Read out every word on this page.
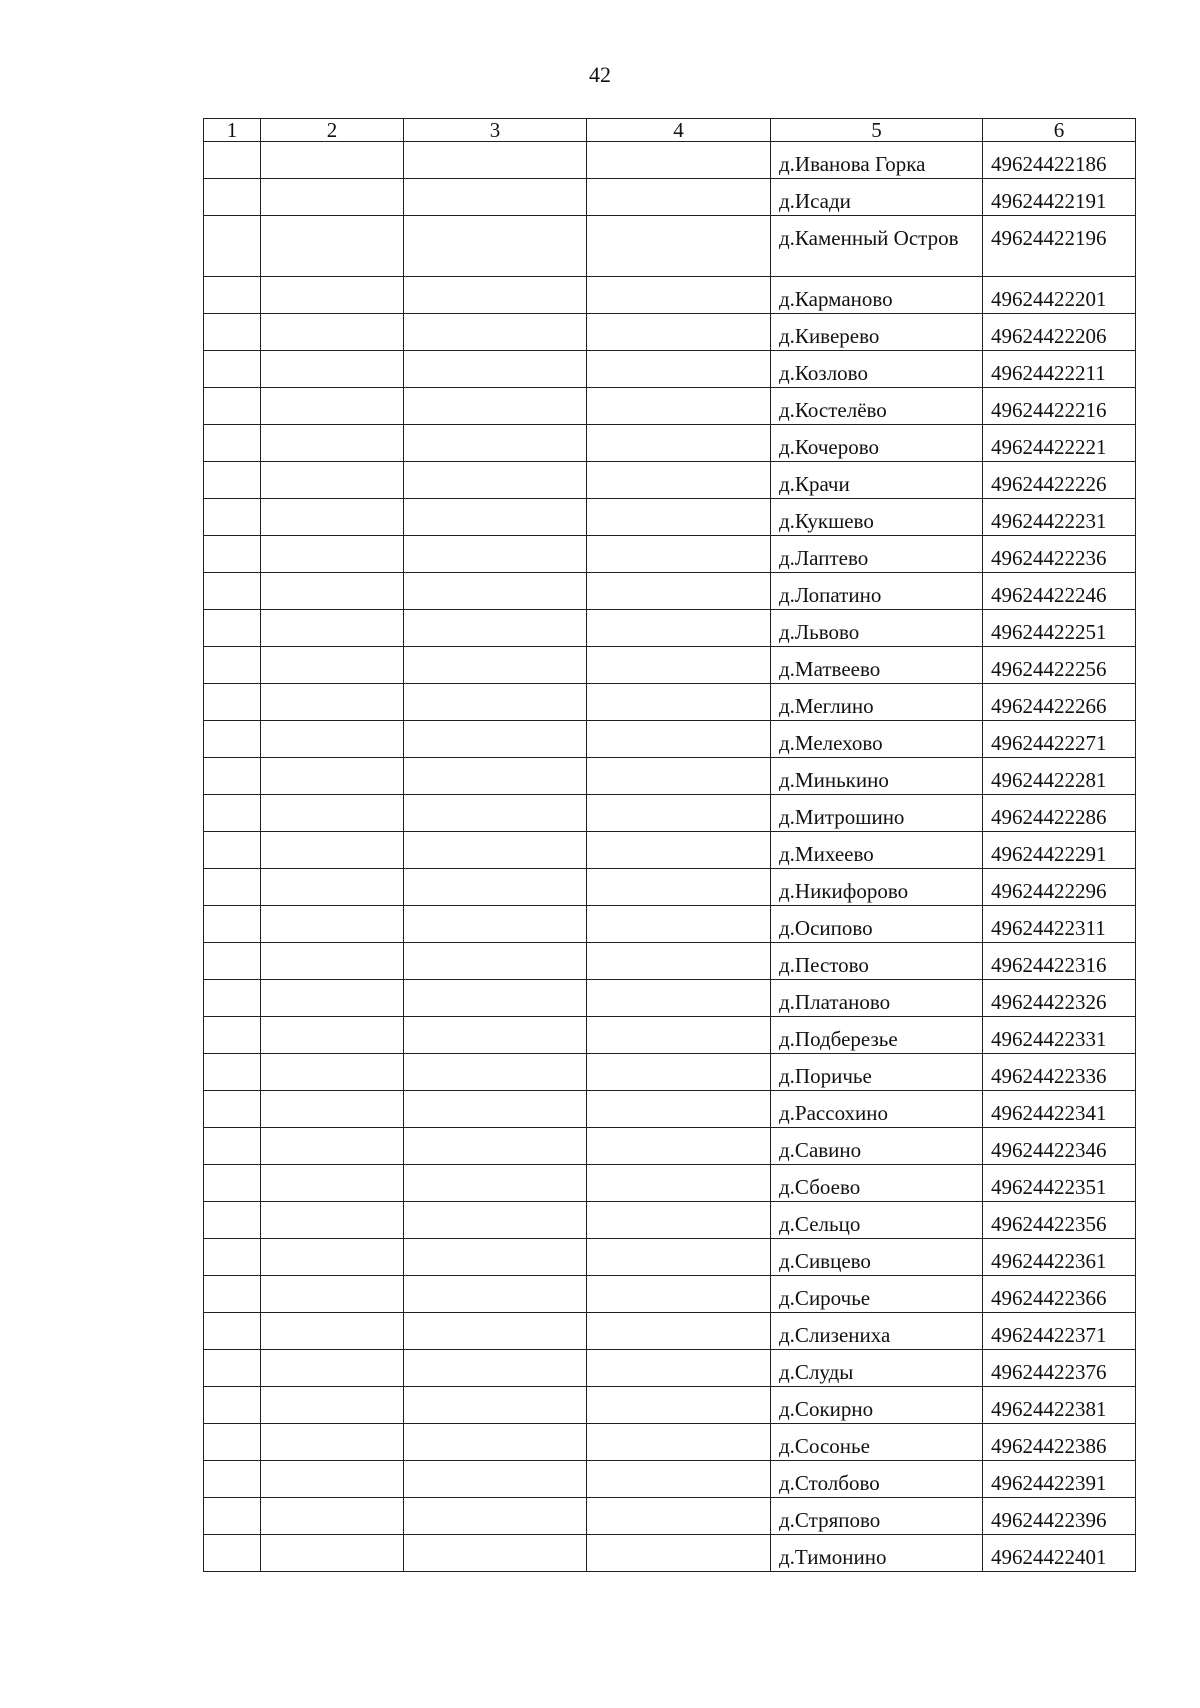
42
1	2	3	4	5	6
				д.Иванова Горка	49624422186
				д.Исади	49624422191
				д.Каменный Остров	49624422196
				д.Карманово	49624422201
				д.Киверево	49624422206
				д.Козлово	49624422211
				д.Костелёво	49624422216
				д.Кочерово	49624422221
				д.Крачи	49624422226
				д.Кукшево	49624422231
				д.Лаптево	49624422236
				д.Лопатино	49624422246
				д.Львово	49624422251
				д.Матвеево	49624422256
				д.Меглино	49624422266
				д.Мелехово	49624422271
				д.Минькино	49624422281
				д.Митрошино	49624422286
				д.Михеево	49624422291
				д.Никифорово	49624422296
				д.Осипово	49624422311
				д.Пестово	49624422316
				д.Платаново	49624422326
				д.Подберезье	49624422331
				д.Поричье	49624422336
				д.Рассохино	49624422341
				д.Савино	49624422346
				д.Сбоево	49624422351
				д.Сельцо	49624422356
				д.Сивцево	49624422361
				д.Сирочье	49624422366
				д.Слизениха	49624422371
				д.Слуды	49624422376
				д.Сокирно	49624422381
				д.Сосонье	49624422386
				д.Столбово	49624422391
				д.Стряпово	49624422396
				д.Тимонино	49624422401
